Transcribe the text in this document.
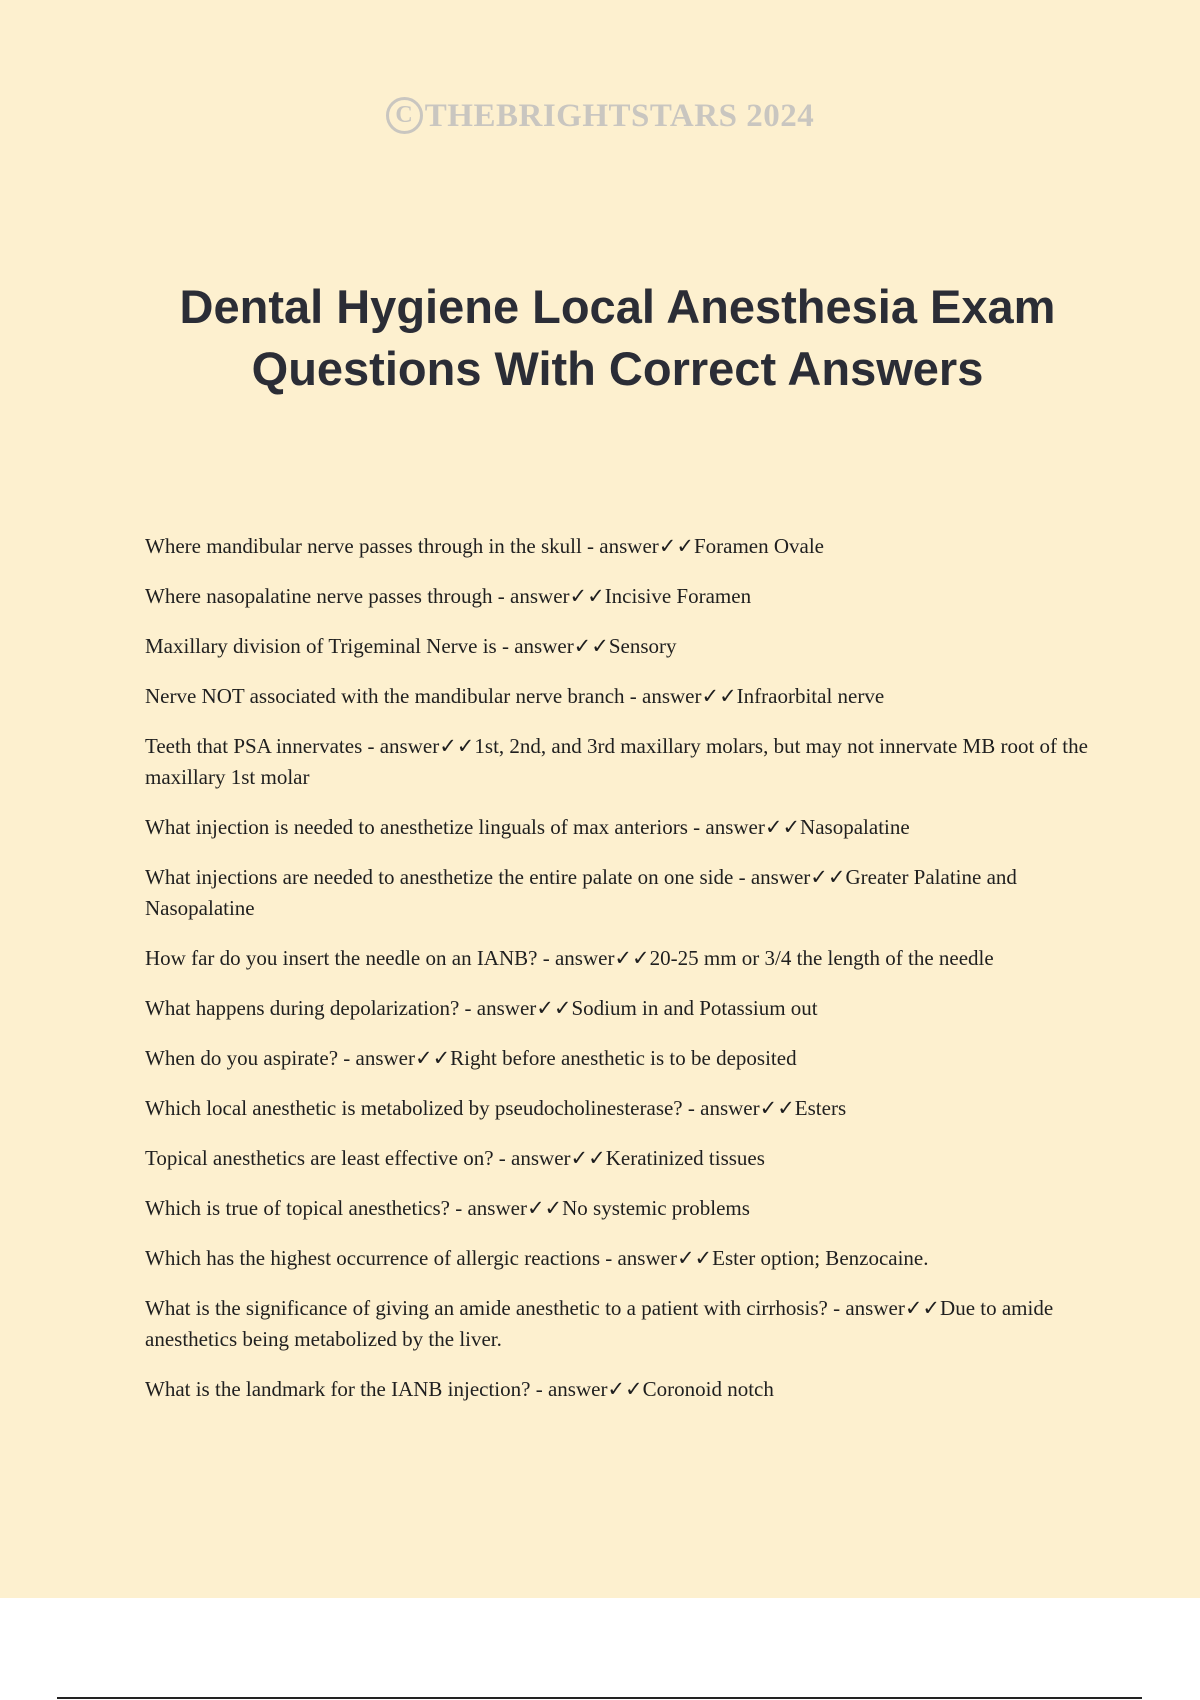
C THEBRIGHTSTARS 2024
Dental Hygiene Local Anesthesia Exam Questions With Correct Answers
Where mandibular nerve passes through in the skull - answer✓✓Foramen Ovale
Where nasopalatine nerve passes through - answer✓✓Incisive Foramen
Maxillary division of Trigeminal Nerve is - answer✓✓Sensory
Nerve NOT associated with the mandibular nerve branch - answer✓✓Infraorbital nerve
Teeth that PSA innervates - answer✓✓1st, 2nd, and 3rd maxillary molars, but may not innervate MB root of the maxillary 1st molar
What injection is needed to anesthetize linguals of max anteriors - answer✓✓Nasopalatine
What injections are needed to anesthetize the entire palate on one side - answer✓✓Greater Palatine and Nasopalatine
How far do you insert the needle on an IANB? - answer✓✓20-25 mm or 3/4 the length of the needle
What happens during depolarization? - answer✓✓Sodium in and Potassium out
When do you aspirate? - answer✓✓Right before anesthetic is to be deposited
Which local anesthetic is metabolized by pseudocholinesterase? - answer✓✓Esters
Topical anesthetics are least effective on? - answer✓✓Keratinized tissues
Which is true of topical anesthetics? - answer✓✓No systemic problems
Which has the highest occurrence of allergic reactions - answer✓✓Ester option; Benzocaine.
What is the significance of giving an amide anesthetic to a patient with cirrhosis? - answer✓✓Due to amide anesthetics being metabolized by the liver.
What is the landmark for the IANB injection? - answer✓✓Coronoid notch
